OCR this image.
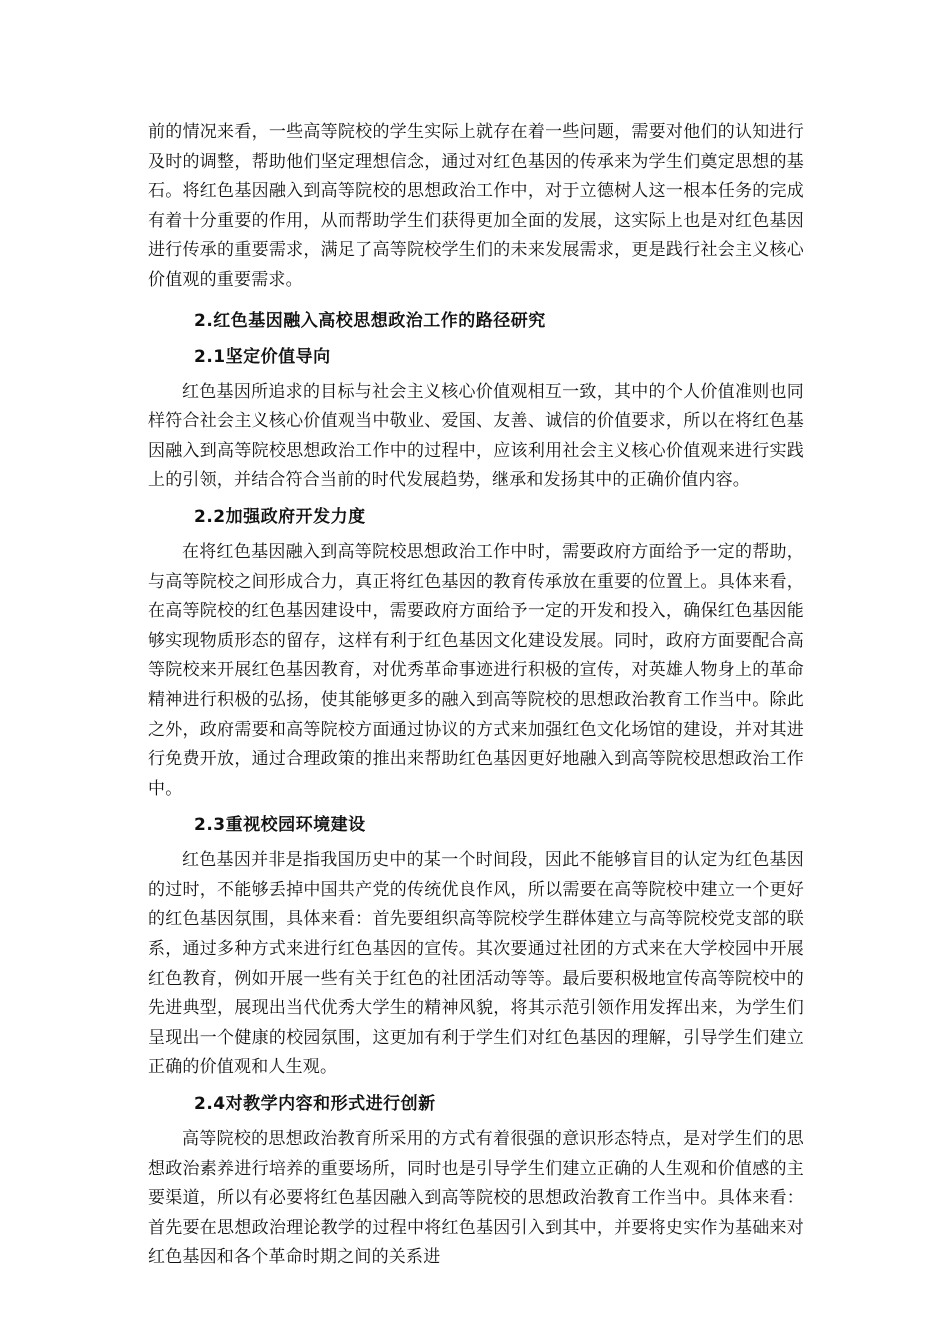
前的情况来看，一些高等院校的学生实际上就存在着一些问题，需要对他们的认知进行及时的调整，帮助他们坚定理想信念，通过对红色基因的传承来为学生们奠定思想的基石。将红色基因融入到高等院校的思想政治工作中，对于立德树人这一根本任务的完成有着十分重要的作用，从而帮助学生们获得更加全面的发展，这实际上也是对红色基因进行传承的重要需求，满足了高等院校学生们的未来发展需求，更是践行社会主义核心价值观的重要需求。

2.红色基因融入高校思想政治工作的路径研究
2.1坚定价值导向

红色基因所追求的目标与社会主义核心价值观相互一致，其中的个人价值准则也同样符合社会主义核心价值观当中敬业、爱国、友善、诚信的价值要求，所以在将红色基因融入到高等院校思想政治工作中的过程中，应该利用社会主义核心价值观来进行实践上的引领，并结合符合当前的时代发展趋势，继承和发扬其中的正确价值内容。

2.2加强政府开发力度

在将红色基因融入到高等院校思想政治工作中时，需要政府方面给予一定的帮助，与高等院校之间形成合力，真正将红色基因的教育传承放在重要的位置上。具体来看，在高等院校的红色基因建设中，需要政府方面给予一定的开发和投入，确保红色基因能够实现物质形态的留存，这样有利于红色基因文化建设发展。同时，政府方面要配合高等院校来开展红色基因教育，对优秀革命事迹进行积极的宣传，对英雄人物身上的革命精神进行积极的弘扬，使其能够更多的融入到高等院校的思想政治教育工作当中。除此之外，政府需要和高等院校方面通过协议的方式来加强红色文化场馆的建设，并对其进行免费开放，通过合理政策的推出来帮助红色基因更好地融入到高等院校思想政治工作中。

2.3重视校园环境建设

红色基因并非是指我国历史中的某一个时间段，因此不能够盲目的认定为红色基因的过时，不能够丢掉中国共产党的传统优良作风，所以需要在高等院校中建立一个更好的红色基因氛围，具体来看：首先要组织高等院校学生群体建立与高等院校党支部的联系，通过多种方式来进行红色基因的宣传。其次要通过社团的方式来在大学校园中开展红色教育，例如开展一些有关于红色的社团活动等等。最后要积极地宣传高等院校中的先进典型，展现出当代优秀大学生的精神风貌，将其示范引领作用发挥出来，为学生们呈现出一个健康的校园氛围，这更加有利于学生们对红色基因的理解，引导学生们建立正确的价值观和人生观。

2.4对教学内容和形式进行创新

高等院校的思想政治教育所采用的方式有着很强的意识形态特点，是对学生们的思想政治素养进行培养的重要场所，同时也是引导学生们建立正确的人生观和价值感的主要渠道，所以有必要将红色基因融入到高等院校的思想政治教育工作当中。具体来看：首先要在思想政治理论教学的过程中将红色基因引入到其中，并要将史实作为基础来对红色基因和各个革命时期之间的关系进
